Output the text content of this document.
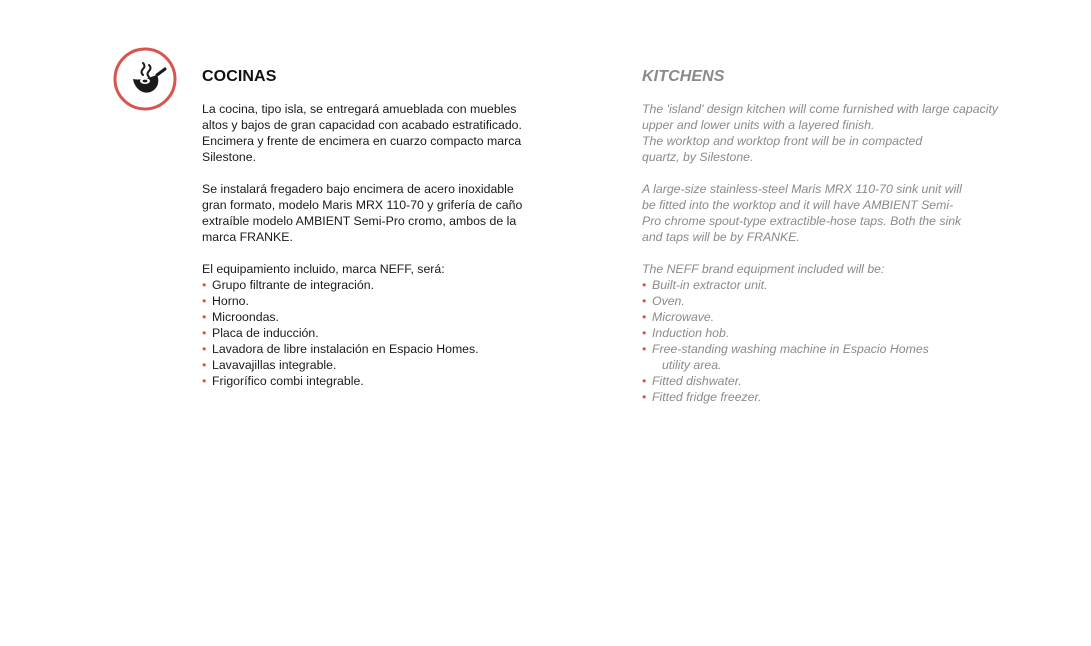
COCINAS
La cocina, tipo isla, se entregará amueblada con muebles
altos y bajos de gran capacidad con acabado estratificado.
Encimera y frente de encimera en cuarzo compacto marca
Silestone.
Se instalará fregadero bajo encimera de acero inoxidable
gran formato, modelo Maris MRX 110-70 y grifería de caño
extraíble modelo AMBIENT Semi-Pro cromo, ambos de la
marca FRANKE.
El equipamiento incluido, marca NEFF, será:
• Grupo filtrante de integración.
• Horno.
• Microondas.
• Placa de inducción.
• Lavadora de libre instalación en Espacio Homes.
• Lavavajillas integrable.
• Frigorífico combi integrable.
KITCHENS
The 'island' design kitchen will come furnished with large capacity
upper and lower units with a layered finish.
The worktop and worktop front will be in compacted
quartz, by Silestone.
A large-size stainless-steel Maris MRX 110-70 sink unit will
be fitted into the worktop and it will have AMBIENT Semi-
Pro chrome spout-type extractible-hose taps. Both the sink
and taps will be by FRANKE.
The NEFF brand equipment included will be:
• Built-in extractor unit.
• Oven.
• Microwave.
• Induction hob.
• Free-standing washing machine in Espacio Homes
utility area.
• Fitted dishwater.
• Fitted fridge freezer.
